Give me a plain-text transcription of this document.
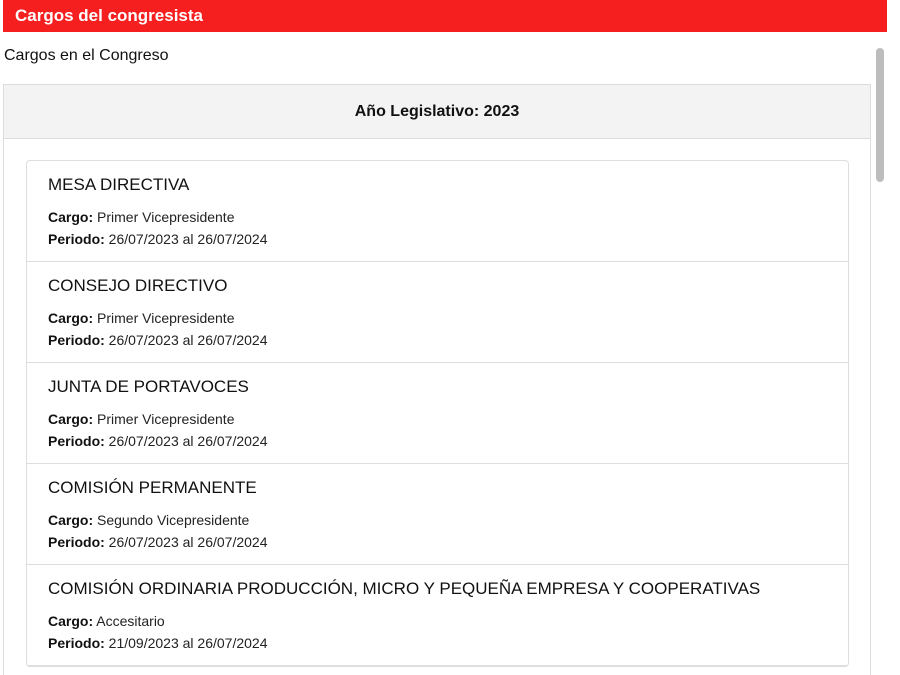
Cargos del congresista
Cargos en el Congreso
Año Legislativo: 2023
MESA DIRECTIVA
Cargo: Primer Vicepresidente
Periodo: 26/07/2023 al 26/07/2024
CONSEJO DIRECTIVO
Cargo: Primer Vicepresidente
Periodo: 26/07/2023 al 26/07/2024
JUNTA DE PORTAVOCES
Cargo: Primer Vicepresidente
Periodo: 26/07/2023 al 26/07/2024
COMISIÓN PERMANENTE
Cargo: Segundo Vicepresidente
Periodo: 26/07/2023 al 26/07/2024
COMISIÓN ORDINARIA PRODUCCIÓN, MICRO Y PEQUEÑA EMPRESA Y COOPERATIVAS
Cargo: Accesitario
Periodo: 21/09/2023 al 26/07/2024
